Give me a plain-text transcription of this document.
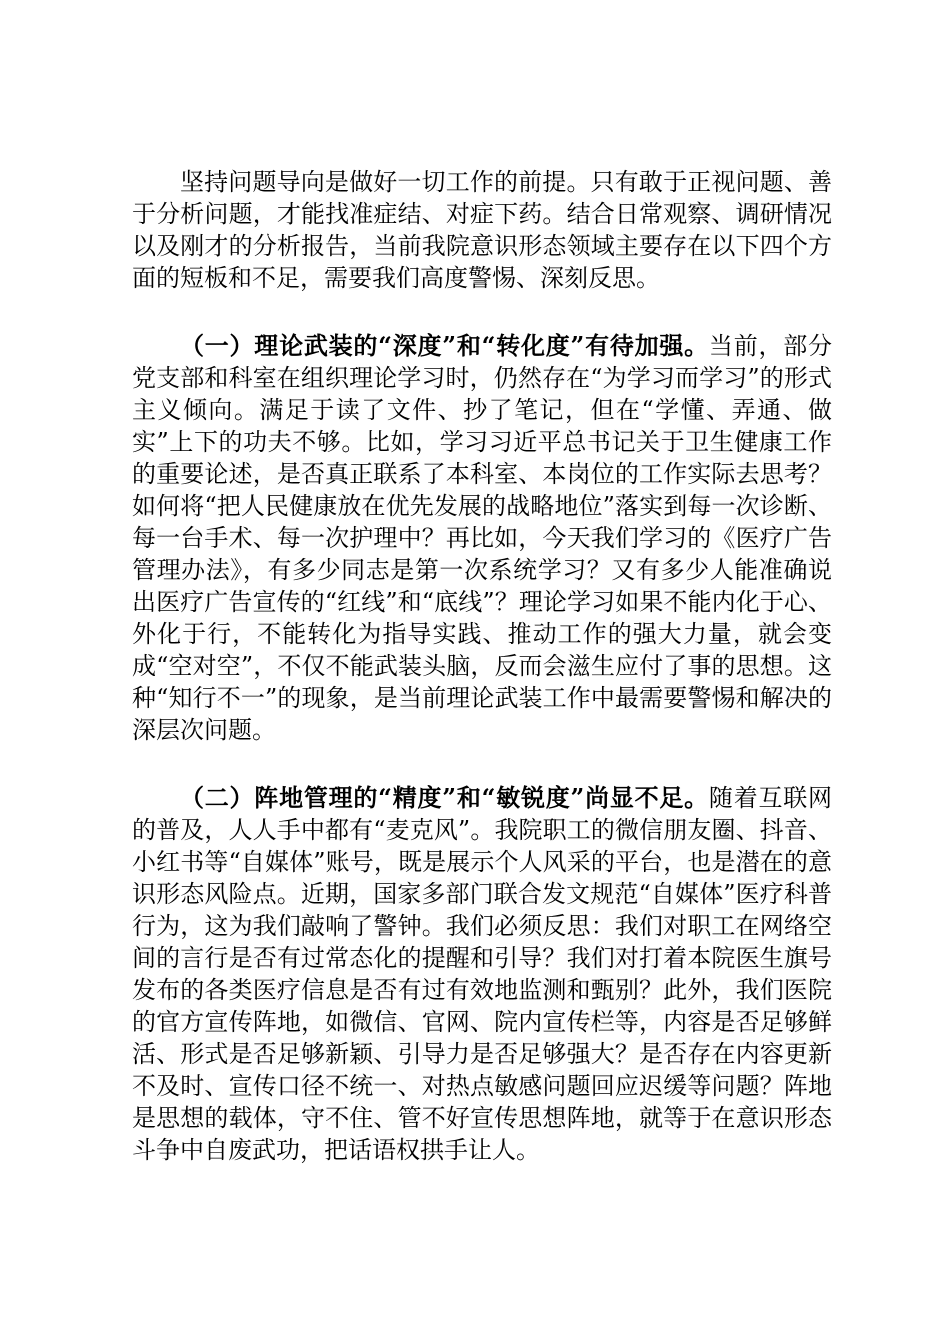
坚持问题导向是做好一切工作的前提。只有敢于正视问题、善于分析问题，才能找准症结、对症下药。结合日常观察、调研情况以及刚才的分析报告，当前我院意识形态领域主要存在以下四个方面的短板和不足，需要我们高度警惕、深刻反思。

（一）理论武装的“深度”和“转化度”有待加强。当前，部分党支部和科室在组织理论学习时，仍然存在“为学习而学习”的形式主义倾向。满足于读了文件、抄了笔记，但在“学懂、弄通、做实”上下的功夫不够。比如，学习习近平总书记关于卫生健康工作的重要论述，是否真正联系了本科室、本岗位的工作实际去思考？如何将“把人民健康放在优先发展的战略地位”落实到每一次诊断、每一台手术、每一次护理中？再比如，今天我们学习的《医疗广告管理办法》，有多少同志是第一次系统学习？又有多少人能准确说出医疗广告宣传的“红线”和“底线”？理论学习如果不能内化于心、外化于行，不能转化为指导实践、推动工作的强大力量，就会变成“空对空”，不仅不能武装头脑，反而会滋生应付了事的思想。这种“知行不一”的现象，是当前理论武装工作中最需要警惕和解决的深层次问题。

（二）阵地管理的“精度”和“敏锐度”尚显不足。随着互联网的普及，人人手中都有“麦克风”。我院职工的微信朋友圈、抖音、小红书等“自媒体”账号，既是展示个人风采的平台，也是潜在的意识形态风险点。近期，国家多部门联合发文规范“自媒体”医疗科普行为，这为我们敲响了警钟。我们必须反思：我们对职工在网络空间的言行是否有过常态化的提醒和引导？我们对打着本院医生旗号发布的各类医疗信息是否有过有效地监测和甄别？此外，我们医院的官方宣传阵地，如微信、官网、院内宣传栏等，内容是否足够鲜活、形式是否足够新颖、引导力是否足够强大？是否存在内容更新不及时、宣传口径不统一、对热点敏感问题回应迟缓等问题？阵地是思想的载体，守不住、管不好宣传思想阵地，就等于在意识形态斗争中自废武功，把话语权拱手让人。
